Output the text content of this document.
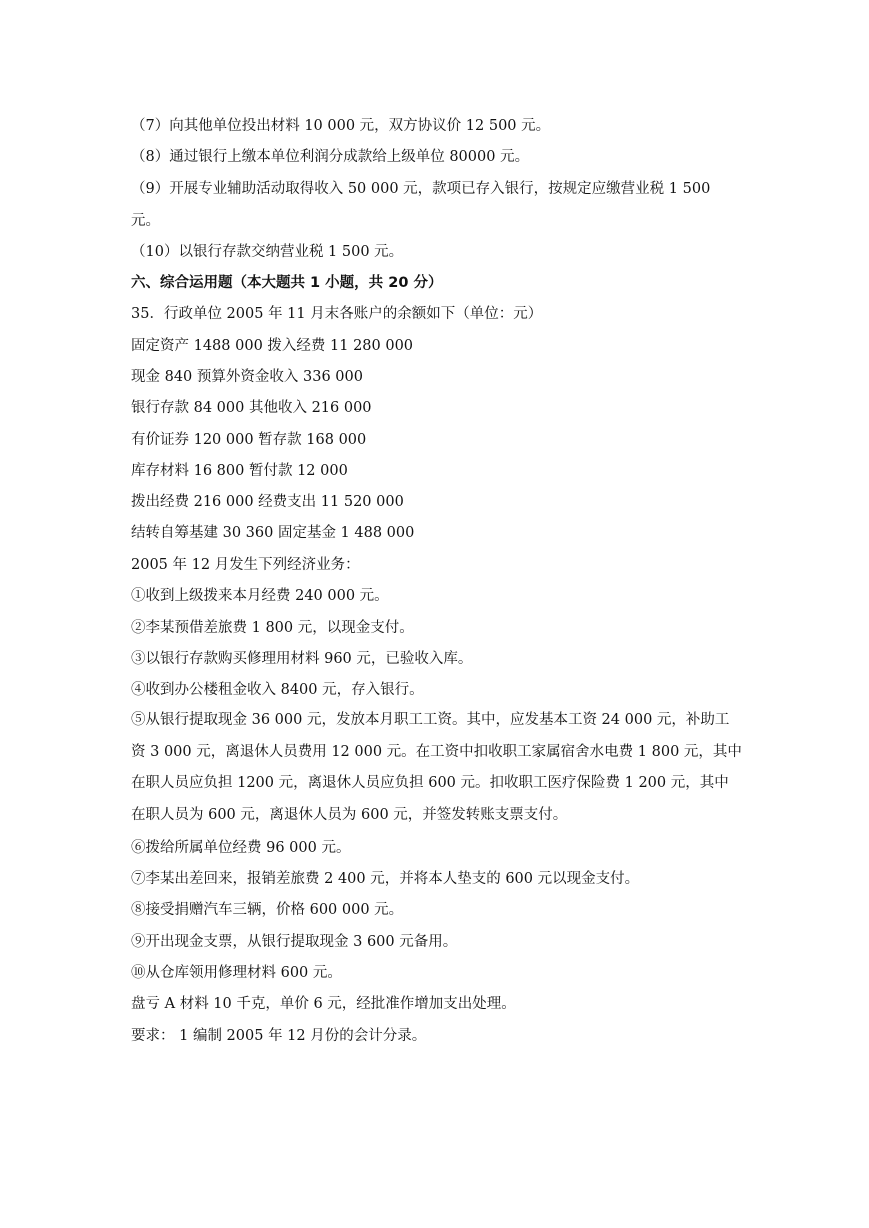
（7）向其他单位投出材料 10 000 元，双方协议价 12 500 元。
（8）通过银行上缴本单位利润分成款给上级单位 80000 元。
（9）开展专业辅助活动取得收入 50 000 元，款项已存入银行，按规定应缴营业税 1 500 元。
（10）以银行存款交纳营业税 1 500 元。
六、综合运用题（本大题共 1 小题，共 20 分）
35．行政单位 2005 年 11 月末各账户的余额如下（单位：元）
固定资产 1488 000 拨入经费 11 280 000
现金 840 预算外资金收入 336 000
银行存款 84 000 其他收入 216 000
有价证券 120 000 暂存款 168 000
库存材料 16 800 暂付款 12 000
拨出经费 216 000 经费支出 11 520 000
结转自筹基建 30 360 固定基金 1 488 000
2005 年 12 月发生下列经济业务：
①收到上级拨来本月经费 240 000 元。
②李某预借差旅费 1 800 元，以现金支付。
③以银行存款购买修理用材料 960 元，已验收入库。
④收到办公楼租金收入 8400 元，存入银行。
⑤从银行提取现金 36 000 元，发放本月职工工资。其中，应发基本工资 24 000 元，补助工资 3 000 元，离退休人员费用 12 000 元。在工资中扣收职工家属宿舍水电费 1 800 元，其中在职人员应负担 1200 元，离退休人员应负担 600 元。扣收职工医疗保险费 1 200 元，其中在职人员为 600 元，离退休人员为 600 元，并签发转账支票支付。
⑥拨给所属单位经费 96 000 元。
⑦李某出差回来，报销差旅费 2 400 元，并将本人垫支的 600 元以现金支付。
⑧接受捐赠汽车三辆，价格 600 000 元。
⑨开出现金支票，从银行提取现金 3 600 元备用。
⑩从仓库领用修理材料 600 元。
盘亏 A 材料 10 千克，单价 6 元，经批准作增加支出处理。
要求： 1 编制 2005 年 12 月份的会计分录。
